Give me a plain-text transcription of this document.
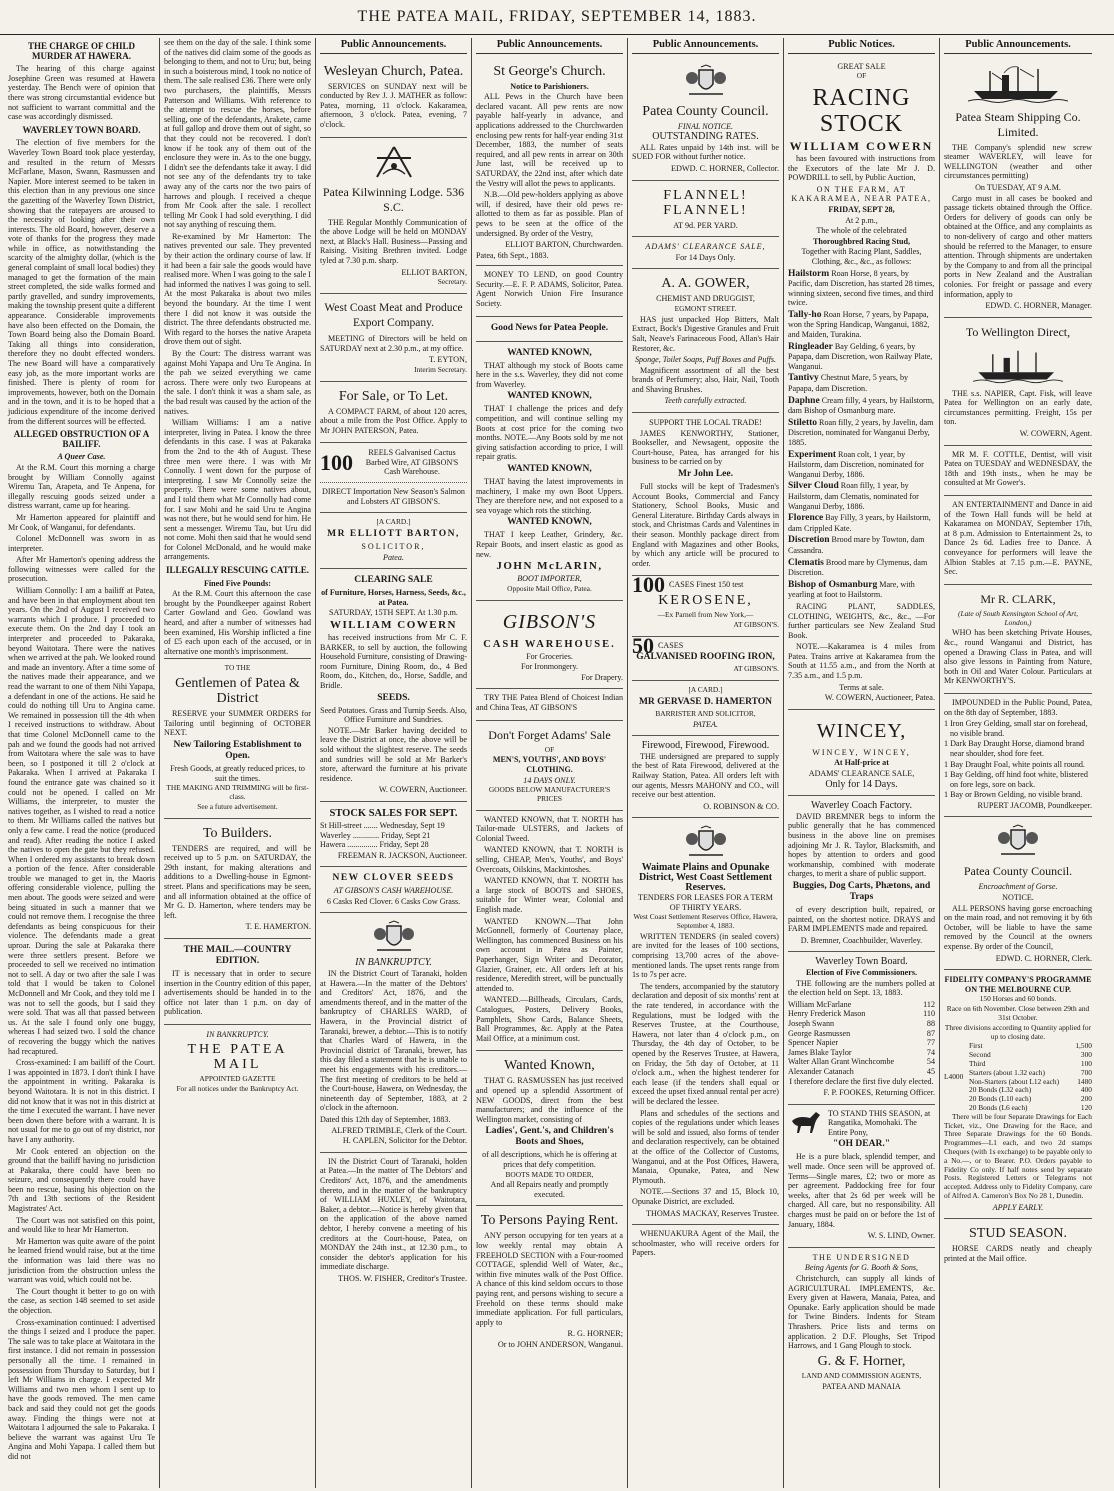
THE PATEA MAIL, FRIDAY, SEPTEMBER 14, 1883.
THE CHARGE OF CHILD MURDER AT HAWERA.

The hearing of this charge against Josephine Green was resumed at Hawera yesterday. The Bench were of opinion that there was strong circumstantial evidence but not sufficient to warrant committal and the case was accordingly dismissed.

WAVERLEY TOWN BOARD.

The election of five members for the Waverley Town Board took place yesterday, and resulted in the return of Messrs McFarlane, Mason, Swann, Rasmussen and Napier. More interest seemed to be taken in this election than in any previous one since the gazetting of the Waverley Town District, showing that the ratepayers are aroused to the necessity of looking after their own interests. The old Board, however, deserve a vote of thanks for the progress they made while in office, as notwithstanding the scarcity of the almighty dollar, (which is the general complaint of small local bodies) they managed to get the formation of the main street completed, the side walks formed and partly gravelled, and sundry improvements, making the township present quite a different appearance. Considerable improvements have also been effected on the Domain, the Town Board being also the Domain Board. Taking all things into consideration, therefore they no doubt effected wonders. The new Board will have a comparatively easy job, as the more important works are finished. There is plenty of room for improvements, however, both on the Domain and in the town, and it is to be hoped that a judicious expenditure of the income derived from the different sources will be effected.

ALLEGED OBSTRUCTION OF A BAILIFF.
A Queer Case.

At the R.M. Court this morning a charge brought by William Connolly against Wiremu Tan, Arapeta, and Te Anpena, for illegally rescuing goods seized under a distress warrant, came up for hearing.

Mr Hamerton appeared for plaintiff and Mr Cook, of Wanganui, for defendants.

Colonel McDonnell was sworn in as interpreter.

After Mr Hamerton's opening address the following witnesses were called for the prosecution.

William Connolly: I am a bailiff at Patea, and have been in that employment about ten years. On the 2nd of August I received two warrants which I produce. I proceeded to execute them. On the 2nd day I took an interpreter and proceeded to Pakaraka, beyond Waitotara. There were the natives when we arrived at the pah. We looked round and made an inventory. After a time some of the natives made their appearance, and we read the warrant to one of them Nihi Yapapa, a defendant in one of the actions. He said he could do nothing till Uru to Angina came. We remained in possession till the 4th when I received instructions to withdraw. About that time Colonel McDonnell came to the pah and we found the goods had not arrived from Waitotara where the sale was to have been, so I postponed it till 2 o'clock at Pakaraka. When I arrived at Pakaraka I found the entrance gate was chained so it could not be opened. I called on Mr Williams, the interpreter, to muster the natives together, as I wished to read a notice to them. Mr Williams called the natives but only a few came. I read the notice (produced and read). After reading the notice I asked the natives to open the gate but they refused. When I ordered my assistants to break down a portion of the fence. After considerable trouble we managed to get in, the Maoris offering considerable violence, pulling the men about. The goods were seized and were being situated in such a manner that we could not remove them. I recognise the three defendants as being conspicuous for their violence. The defendants made a great uproar. During the sale at Pakaraka there were three settlers present. Before we proceeded to sell we received no intimation not to sell. A day or two after the sale I was told that I would be taken to Colonel McDonnell and Mr Cook, and they told me I was not to sell the goods, but I said they were sold. That was all that passed between us. At the sale I found only one buggy, whereas I had seized two. I sold the chance of recovering the buggy which the natives had recaptured.

Cross-examined: I am bailiff of the Court. I was appointed in 1873. I don't think I have the appointment in writing. Pakaraka is beyond Waitotara. It is not in this district. I did not know that it was not in this district at the time I executed the warrant. I have never been down there before with a warrant. It is not usual for me to go out of my district, nor have I any authority.

Mr Cook entered an objection on the ground that the bailiff having no jurisdiction at Pakaraka, there could have been no seizure, and consequently there could have been no rescue, basing his objection on the 7th and 13th sections of the Resident Magistrates' Act.

The Court was not satisfied on this point, and would like to hear Mr Hamerton.

Mr Hamerton was quite aware of the point he learned friend would raise, but at the time the information was laid there was no jurisdiction from the obstruction unless the warrant was void, which could not be.

The Court thought it better to go on with the case, as section 148 seemed to set aside the objection.

Cross-examination continued: I advertised the things I seized and I produce the paper. The sale was to take place at Waitotara in the first instance. I did not remain in possession personally all the time. I remained in possession from Thursday to Saturday, but I left Mr Williams in charge. I expected Mr Williams and two men whom I sent up to have the goods removed. The men came back and said they could not get the goods away. Finding the things were not at Waitotara I adjourned the sale to Pakaraka. I believe the warrant was against Uru Te Angina and Mohi Yapapa. I called them but did not

see them on the day of the sale. I think some of the natives did claim some of the goods as belonging to them, and not to Uru; but, being in such a boisterous mind, I took no notice of them. The sale realised £36. There were only two purchasers, the plaintiffs, Messrs Patterson and Williams. With reference to the attempt to rescue the horses, before selling, one of the defendants, Arakete, came at full gallop and drove them out of sight, so that they could not be recovered. I don't know if he took any of them out of the enclosure they were in. As to the one buggy, I didn't see the defendants take it away. I did not see any of the defendants try to take away any of the carts nor the two pairs of harrows and plough. I received a cheque from Mr Cook after the sale. I recollect telling Mr Cook I had sold everything. I did not say anything of rescuing them.

Re-examined by Mr Hamerton: The natives prevented our sale. They prevented by their action the ordinary course of law. If it had been a fair sale the goods would have realised more. When I was going to the sale I had informed the natives I was going to sell. At the most Pakaraka is about two miles beyond the boundary. At the time I went there I did not know it was outside the district. The three defendants obstructed me. With regard to the horses the native Arapeta drove them out of sight.

By the Court: The distress warrant was against Mohi Yapapa and Uru Te Angina. In the pah we seized everything we came across. There were only two Europeans at the sale. I don't think it was a sham sale, as the bad result was caused by the action of the natives.

William Williams: I am a native interpreter, living in Patea. I know the three defendants in this case. I was at Pakaraka from the 2nd to the 4th of August. These three men were there. I was with Mr Connolly. I went down for the purpose of interpreting. I saw Mr Connolly seize the property. There were some natives about, and I told them what Mr Connolly had come for. I saw Mohi and he said Uru te Angina was not there, but he would send for him. He sent a messenger. Wiremu Tau, but Uru did not come. Mohi then said that he would send for Colonel McDonald, and he would make arrangements.

ILLEGALLY RESCUING CATTLE.
Fined Five Pounds:

At the R.M. Court this afternoon the case brought by the Poundkeeper against Robert Carter Gowland and Geo. Gowland was heard, and after a number of witnesses had been examined, His Worship inflicted a fine of £5 each upon each of the accused, or in alternative one month's imprisonment.

TO THE
Gentlemen of Patea & District

RESERVE your SUMMER ORDERS for Tailoring until beginning of OCTOBER NEXT.

New Tailoring Establishment to Open.
Fresh Goods, at greatly reduced prices, to suit the times.
THE MAKING AND TRIMMING will be first-class.
See a future advertisement.
To Builders.

TENDERS are required, and will be received up to 5 p.m. on SATURDAY, the 29th instant, for making alterations and additions to a Dwelling-house in Egmont-street. Plans and specifications may be seen, and all information obtained at the office of Mr G. D. Hamerton, where tenders may be left.

T. E. HAMERTON.
THE MAIL.—COUNTRY EDITION.

IT is necessary that in order to secure insertion in the Country edition of this paper, advertisements should be handed in to the office not later than 1 p.m. on day of publication.

IN BANKRUPTCY.
THE PATEA MAIL
APPOINTED GAZETTE
For all notices under the Bankruptcy Act.
Public Announcements.
Wesleyan Church, Patea.

SERVICES on SUNDAY next will be conducted by Rev J. J. MATHER as follow: Patea, morning, 11 o'clock. Kakaramea, afternoon, 3 o'clock. Patea, evening, 7 o'clock.

Patea Kilwinning Lodge. 536 S.C.

THE Regular Monthly Communication of the above Lodge will be held on MONDAY next, at Black's Hall. Business—Passing and Raising. Visiting Brethren invited. Lodge tyled at 7.30 p.m. sharp.

ELLIOT BARTON,
Secretary.
West Coast Meat and Produce Export Company.

MEETING of Directors will be held on SATURDAY next at 2.30 p.m., at my office.

T. EYTON,
Interim Secretary.
For Sale, or To Let.

A COMPACT FARM, of about 120 acres, about a mile from the Post Office. Apply to Mr JOHN PATERSON, Patea.

100	REELS Galvanised Cactus Barbed Wire, AT GIBSON'S Cash Warehouse.
DIRECT Importation New Season's Salmon and Lobsters AT GIBSON'S.
[A CARD.]
MR ELLIOTT BARTON,
SOLICITOR,
Patea.
CLEARING SALE
of Furniture, Horses, Harness, Seeds, &c., at Patea.
SATURDAY, 15TH SEPT. At 1.30 p.m.
WILLIAM COWERN

has received instructions from Mr C. F. BARKER, to sell by auction, the following Household Furniture, consisting of Drawing-room Furniture, Dining Room, do., 4 Bed Room, do., Kitchen, do., Horse, Saddle, and Bridle.

SEEDS.
Seed Potatoes. Grass and Turnip Seeds. Also, Office Furniture and Sundries.

NOTE.—Mr Barker having decided to leave the District at once, the above will be sold without the slightest reserve. The seeds and sundries will be sold at Mr Barker's store, afterward the furniture at his private residence.

W. COWERN, Auctioneer.
STOCK SALES FOR SEPT.
St Hill-street ....... Wednesday, Sept 19
Waverley ............. Friday, Sept 21
Hawera ............... Friday, Sept 28
FREEMAN R. JACKSON, Auctioneer.
NEW CLOVER SEEDS
AT GIBSON'S CASH WAREHOUSE.
6 Casks Red Clover. 6 Casks Cow Grass.
IN BANKRUPTCY.

IN the District Court of Taranaki, holden at Hawera.—In the matter of the Debtors' and Creditors' Act, 1876, and the amendments thereof, and in the matter of the bankruptcy of CHARLES WARD, of Hawera, in the Provincial district of Taranaki, brewer, a debtor.—This is to notify that Charles Ward of Hawera, in the Provincial district of Taranaki, brewer, has this day filed a statement that he is unable to meet his engagements with his creditors.—The first meeting of creditors to be held at the Court-house, Hawera, on Wednesday, the nineteenth day of September, 1883, at 2 o'clock in the afternoon.

Dated this 12th day of September, 1883.
ALFRED TRIMBLE, Clerk of the Court.
H. CAPLEN, Solicitor for the Debtor.

IN the District Court of Taranaki, holden at Patea.—In the matter of The Debtors' and Creditors' Act, 1876, and the amendments thereto, and in the matter of the bankruptcy of WILLIAM HUXLEY, of Waitotara, Baker, a debtor.—Notice is hereby given that on the application of the above named debtor, I hereby convene a meeting of his creditors at the Court-house, Patea, on MONDAY the 24th inst., at 12.30 p.m., to consider the debtor's application for his immediate discharge.

THOS. W. FISHER, Creditor's Trustee.
Public Announcements.
St George's Church.
Notice to Parishioners.

ALL Pews in the Church have been declared vacant. All pew rents are now payable half-yearly in advance, and applications addressed to the Churchwarden enclosing pew rents for half-year ending 31st December, 1883, the number of seats required, and all pew rents in arrear on 30th June last, will be received up to SATURDAY, the 22nd inst, after which date the Vestry will allot the pews to applicants.

N.B.—Old pew-holders applying as above will, if desired, have their old pews re-allotted to them as far as possible. Plan of pews to be seen at the office of the undersigned. By order of the Vestry,

ELLIOT BARTON, Churchwarden.
Patea, 6th Sept., 1883.

MONEY TO LEND, on good Country Security.—E. F. P. ADAMS, Solicitor, Patea. Agent Norwich Union Fire Insurance Society.

Good News for Patea People.
WANTED KNOWN,

THAT although my stock of Boots came here in the s.s. Waverley, they did not come from Waverley.

WANTED KNOWN,

THAT I challenge the prices and defy competition, and will continue selling my Boots at cost price for the coming two months. NOTE.—Any Boots sold by me not giving satisfaction according to price, I will repair gratis.

WANTED KNOWN,

THAT having the latest improvements in machinery, I make my own Boot Uppers. They are therefore new, and not exposed to a sea voyage which rots the stitching.

WANTED KNOWN,

THAT I keep Leather, Grindery, &c. Repair Boots, and insert elastic as good as new.

JOHN McLARIN,
BOOT IMPORTER,
Opposite Mail Office, Patea.
GIBSON'S
CASH WAREHOUSE.
For Groceries.
For Ironmongery.
For Drapery.

TRY THE Patea Blend of Choicest Indian and China Teas, AT GIBSON'S

Don't Forget Adams' Sale
OF
MEN'S, YOUTHS', AND BOYS' CLOTHING.
14 DAYS ONLY.
GOODS BELOW MANUFACTURER'S PRICES

WANTED KNOWN, that T. NORTH has Tailor-made ULSTERS, and Jackets of Colonial Tweed.

WANTED KNOWN, that T. NORTH is selling, CHEAP, Men's, Youths', and Boys' Overcoats, Oilskins, Mackintoshes.

WANTED KNOWN, that T. NORTH has a large stock of BOOTS and SHOES, suitable for Winter wear, Colonial and English made.

WANTED KNOWN.—That John McGonnell, formerly of Courtenay place, Wellington, has commenced Business on his own account in Patea as Painter, Paperhanger, Sign Writer and Decorator, Glazier, Grainer, etc. All orders left at his residence, Meredith street, will be punctually attended to.

WANTED.—Billheads, Circulars, Cards, Catalogues, Posters, Delivery Books, Pamphlets, Show Cards, Balance Sheets, Ball Programmes, &c. Apply at the Patea Mail Office, at a minimum cost.

Wanted Known,

THAT G. RASMUSSEN has just received and opened up a splendid Assortment of NEW GOODS, direct from the best manufacturers; and the influence of the Wellington market, consisting of

Ladies', Gent.'s, and Children's Boots and Shoes,
of all descriptions, which he is offering at prices that defy competition.
BOOTS MADE TO ORDER,
And all Repairs neatly and promptly executed.
To Persons Paying Rent.

ANY person occupying for ten years at a low weekly rental may obtain A FREEHOLD SECTION with a Four-roomed COTTAGE, splendid Well of Water, &c., within five minutes walk of the Post Office. A chance of this kind seldom occurs to those paying rent, and persons wishing to secure a Freehold on these terms should make immediate application. For full particulars, apply to

R. G. HORNER;
Or to JOHN ANDERSON, Wanganui.
Public Announcements.
Patea County Council.
FINAL NOTICE.
OUTSTANDING RATES.

ALL Rates unpaid by 14th inst. will be SUED FOR without further notice.

EDWD. C. HORNER, Collector.
FLANNEL! FLANNEL!
AT 9d. PER YARD.
ADAMS' CLEARANCE SALE,
For 14 Days Only.
A. A. GOWER,
CHEMIST AND DRUGGIST,
EGMONT STREET.

HAS just unpacked Hop Bitters, Malt Extract, Bock's Digestive Granules and Fruit Salt, Neave's Farinaceous Food, Allan's Hair Restorer, &c.

Sponge, Toilet Soaps, Puff Boxes and Puffs.

Magnificent assortment of all the best brands of Perfumery; also, Hair, Nail, Tooth and Shaving Brushes.

Teeth carefully extracted.
SUPPORT THE LOCAL TRADE!

JAMES KENWORTHY, Stationer, Bookseller, and Newsagent, opposite the Court-house, Patea, has arranged for his business to be carried on by

Mr John Lee.

Full stocks will be kept of Tradesmen's Account Books, Commercial and Fancy Stationery, School Books, Music and General Literature. Birthday Cards always in stock, and Christmas Cards and Valentines in their season. Monthly package direct from England with Magazines and other Books, by which any article will be procured to order.

100 CASES Finest 150 test
KEROSENE,
—Ex Parnell from New York,—
AT GIBSON'S.
50 CASES
GALVANISED ROOFING IRON,
AT GIBSON'S.
[A CARD.]
MR GERVASE D. HAMERTON
BARRISTER AND SOLICITOR,
PATEA.
Firewood, Firewood, Firewood.

THE undersigned are prepared to supply the best of Rata Firewood, delivered at the Railway Station, Patea. All orders left with our agents, Messrs MAHONY and CO., will receive our best attention.

O. ROBINSON & CO.
Waimate Plains and Opunake District, West Coast Settlement Reserves.
TENDERS FOR LEASES FOR A TERM OF THIRTY YEARS.
West Coast Settlement Reserves Office, Hawera, September 4, 1883.

WRITTEN TENDERS (in sealed covers) are invited for the leases of 100 sections, comprising 13,700 acres of the above-mentioned lands. The upset rents range from 1s to 7s per acre.

The tenders, accompanied by the statutory declaration and deposit of six months' rent at the rate tendered, in accordance with the Regulations, must be lodged with the Reserves Trustee, at the Courthouse, Hawera, not later than 4 o'clock p.m., on Thursday, the 4th day of October, to be opened by the Reserves Trustee, at Hawera, on Friday, the 5th day of October, at 11 o'clock a.m., when the highest tenderer for each lease (if the tenders shall equal or exceed the upset fixed annual rental per acre) will be declared the lessee.

Plans and schedules of the sections and copies of the regulations under which leases will be sold and issued, also forms of tender and declaration respectively, can be obtained at the office of the Collector of Customs, Wanganui, and at the Post Offices, Hawera, Manaia, Opunake, Patea, and New Plymouth.

NOTE.—Sections 37 and 15, Block 10, Opunake District, are excluded.

THOMAS MACKAY, Reserves Trustee.

WHENUAKURA Agent of the Mail, the schoolmaster, who will receive orders for Papers.

Public Notices.
GREAT SALE
OF
RACING STOCK
WILLIAM COWERN

has been favoured with instructions from the Executors of the late Mr J. D. POWDRILL to sell, by Public Auction,

ON THE FARM, AT KAKARAMEA, NEAR PATEA,
FRIDAY, SEPT 28,
At 2 p.m.,
The whole of the celebrated
Thoroughbred Racing Stud,
Together with Racing Plant, Saddles, Clothing, &c., &c., as follows:
Hailstorm Roan Horse, 8 years, by Pacific, dam Discretion, has started 28 times, winning sixteen, second five times, and third twice.
Tally-ho Roan Horse, 7 years, by Papapa, won the Spring Handicap, Wanganui, 1882, and Maiden, Turakina.
Ringleader Bay Gelding, 6 years, by Papapa, dam Discretion, won Railway Plate, Wanganui.
Tantivy Chestnut Mare, 5 years, by Papapa, dam Discretion.
Daphne Cream filly, 4 years, by Hailstorm, dam Bishop of Osmanburg mare.
Stiletto Roan filly, 2 years, by Javelin, dam Discretion, nominated for Wanganui Derby, 1885.
Experiment Roan colt, 1 year, by Hailstorm, dam Discretion, nominated for Wanganui Derby, 1886.
Silver Cloud Roan filly, 1 year, by Hailstorm, dam Clematis, nominated for Wanganui Derby, 1886.
Florence Bay Filly, 3 years, by Hailstorm, dam Crippled Kate.
Discretion Brood mare by Towton, dam Cassandra.
Clematis Brood mare by Clymenus, dam Discretion.
Bishop of Osmanburg Mare, with yearling at foot to Hailstorm.

RACING PLANT, SADDLES, CLOTHING, WEIGHTS, &c., &c., —For further particulars see New Zealand Stud Book.

NOTE.—Kakaramea is 4 miles from Patea. Trains arrive at Kakaramea from the South at 11.55 a.m., and from the North at 7.35 a.m., and 1.5 p.m.

Terms at sale.
W. COWERN, Auctioneer, Patea.
WINCEY,
WINCEY, WINCEY,
At Half-price at
ADAMS' CLEARANCE SALE,
Only for 14 Days.
Waverley Coach Factory.

DAVID BREMNER begs to inform the public generally that he has commenced business in the above line on premises adjoining Mr J. R. Taylor, Blacksmith, and hopes by attention to orders and good workmanship, combined with moderate charges, to merit a share of public support.

Buggies, Dog Carts, Phætons, and Traps

of every description built, repaired, or painted, on the shortest notice. DRAYS and FARM IMPLEMENTS made and repaired.

D. Bremner, Coachbuilder, Waverley.
Waverley Town Board.
Election of Five Commissioners.

THE following are the numbers polled at the election held on Sept. 13, 1883.

William McFarlane	112
Henry Frederick Mason	110
Joseph Swann	88
George Rasmussen	87
Spencer Napier	77
James Blake Taylor	74
Walter Allan Grant Winchcombe	54
Alexander Catanach	45
I therefore declare the first five duly elected.
F. P. FOOKES, Returning Officer.
TO STAND THIS SEASON, at Rangatika, Momohaki. The Entire Pony,
"OH DEAR."

He is a pure black, splendid temper, and well made. Once seen will be approved of. Terms—Single mares, £2; two or more as per agreement. Paddocking free for four weeks, after that 2s 6d per week will be charged. All care, but no responsibility. All charges must be paid on or before the 1st of January, 1884.

W. S. LIND, Owner.
THE UNDERSIGNED
Being Agents for G. Booth & Sons,

Christchurch, can supply all kinds of AGRICULTURAL IMPLEMENTS, &c. Every given at Hawera, Manaia, Patea, and Opunake. Early application should be made for Twine Binders. Indents for Steam Thrashers. Price lists and terms on application. 2 D.F. Ploughs, Set Tripod Harrows, and 1 Gang Plough to stock.

G. & F. Horner,
LAND AND COMMISSION AGENTS,
PATEA AND MANAIA
Public Announcements.
Patea Steam Shipping Co. Limited.

THE Company's splendid new screw steamer WAVERLEY, will leave for WELLINGTON (weather and other circumstances permitting)

On TUESDAY, AT 9 A.M.

Cargo must in all cases be booked and passage tickets obtained through the Office. Orders for delivery of goods can only be obtained at the Office, and any complaints as to non-delivery of cargo and other matters should be referred to the Manager, to ensure attention. Through shipments are undertaken by the Company to and from all the principal ports in New Zealand and the Australian colonies. For freight or passage and every information, apply to

EDWD. C. HORNER, Manager.
To Wellington Direct,

THE s.s. NAPIER, Capt. Fisk, will leave Patea for Wellington on an early date, circumstances permitting. Freight, 15s per ton.

W. COWERN, Agent.

MR M. F. COTTLE, Dentist, will visit Patea on TUESDAY and WEDNESDAY, the 18th and 19th insts., when he may be consulted at Mr Gower's.

AN ENTERTAINMENT and Dance in aid of the Town Hall funds will be held at Kakaramea on MONDAY, September 17th, at 8 p.m. Admission to Entertainment 2s, to Dance 2s 6d. Ladies free to Dance. A conveyance for performers will leave the Albion Stables at 7.15 p.m.—E. PAYNE, Sec.

Mr R. CLARK,
(Late of South Kensington School of Art, London,)

WHO has been sketching Private Houses, &c., round Wanganui and District, has opened a Drawing Class in Patea, and will also give lessons in Painting from Nature, both in Oil and Water Colour. Particulars at Mr KENWORTHY'S.

IMPOUNDED in the Public Pound, Patea, on the 8th day of September, 1883.

1 Iron Grey Gelding, small star on forehead, no visible brand.
1 Dark Bay Draught Horse, diamond brand near shoulder, shod fore feet.
1 Bay Draught Foal, white points all round.
1 Bay Gelding, off hind foot white, blistered on fore legs, sore on back.
1 Bay or Brown Gelding, no visible brand.
RUPERT JACOMB, Poundkeeper.
Patea County Council.
Encroachment of Gorse.
NOTICE.

ALL PERSONS having gorse encroaching on the main road, and not removing it by 6th October, will be liable to have the same removed by the Council at the owners expense. By order of the Council,

EDWD. C. HORNER, Clerk.
FIDELITY COMPANY'S PROGRAMME ON THE MELBOURNE CUP.
150 Horses and 60 bonds.
Race on 6th November. Close between 29th and 31st October.
Three divisions according to Quantity applied for up to closing date.
L4000
First	1,500
Second	300
Third	100
Starters (about 1.32 each)	700
Non-Starters (about L12 each) 1480
20 Bonds (L32 each)	400
20 Bonds (L10 each)	200
20 Bonds (L6 each)	120

There will be four Separate Drawings for Each Ticket, viz., One Drawing for the Race, and Three Separate Drawings for the 60 Bonds. Programmes—L1 each, and two 2d stamps Cheques (with 1s exchange) to be payable only to a No.—, or to Bearer. P.O. Orders payable to Fidelity Co only. If half notes send by separate Posts. Registered Letters or Telegrams not accepted. Address only to Fidelity Company, care of Alfred A. Cameron's Box No 28 1, Dunedin.

APPLY EARLY.
STUD SEASON.

HORSE CARDS neatly and cheaply printed at the Mail office.
